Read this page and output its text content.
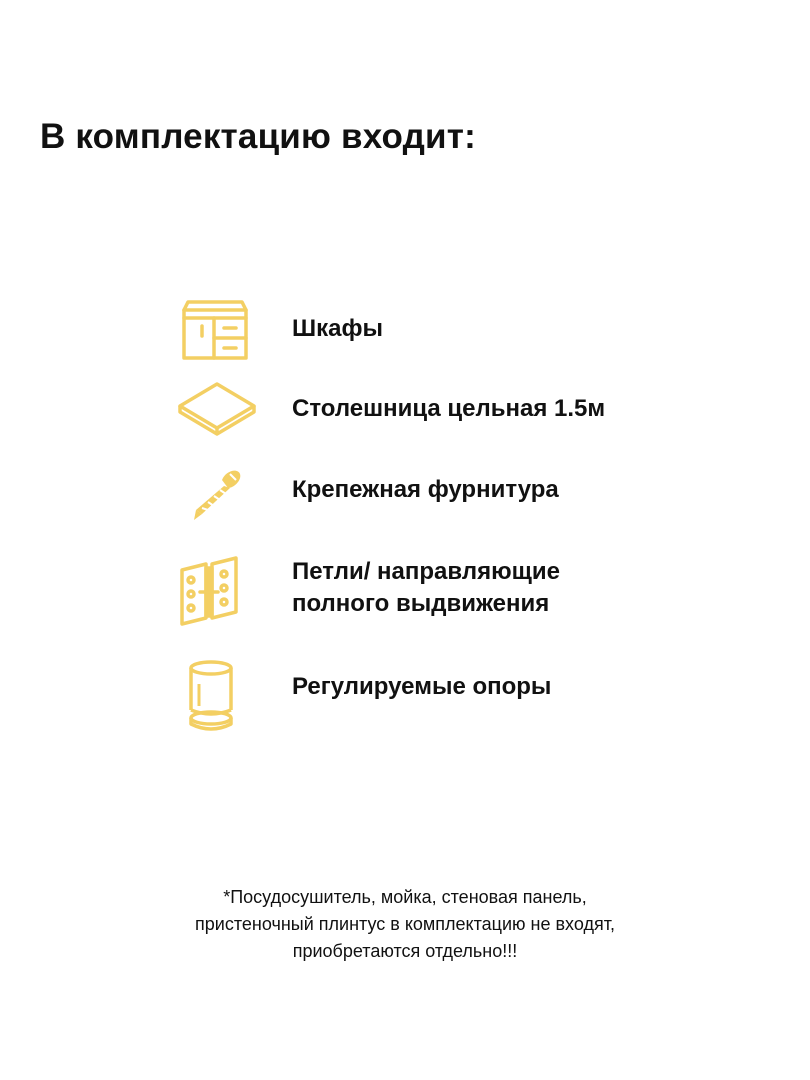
В комплектацию входит:
Шкафы
Столешница цельная 1.5м
Крепежная фурнитура
Петли/ направляющие
полного выдвижения
Регулируемые опоры
*Посудосушитель, мойка, стеновая панель,
пристеночный плинтус в комплектацию не входят,
приобретаются отдельно!!!
